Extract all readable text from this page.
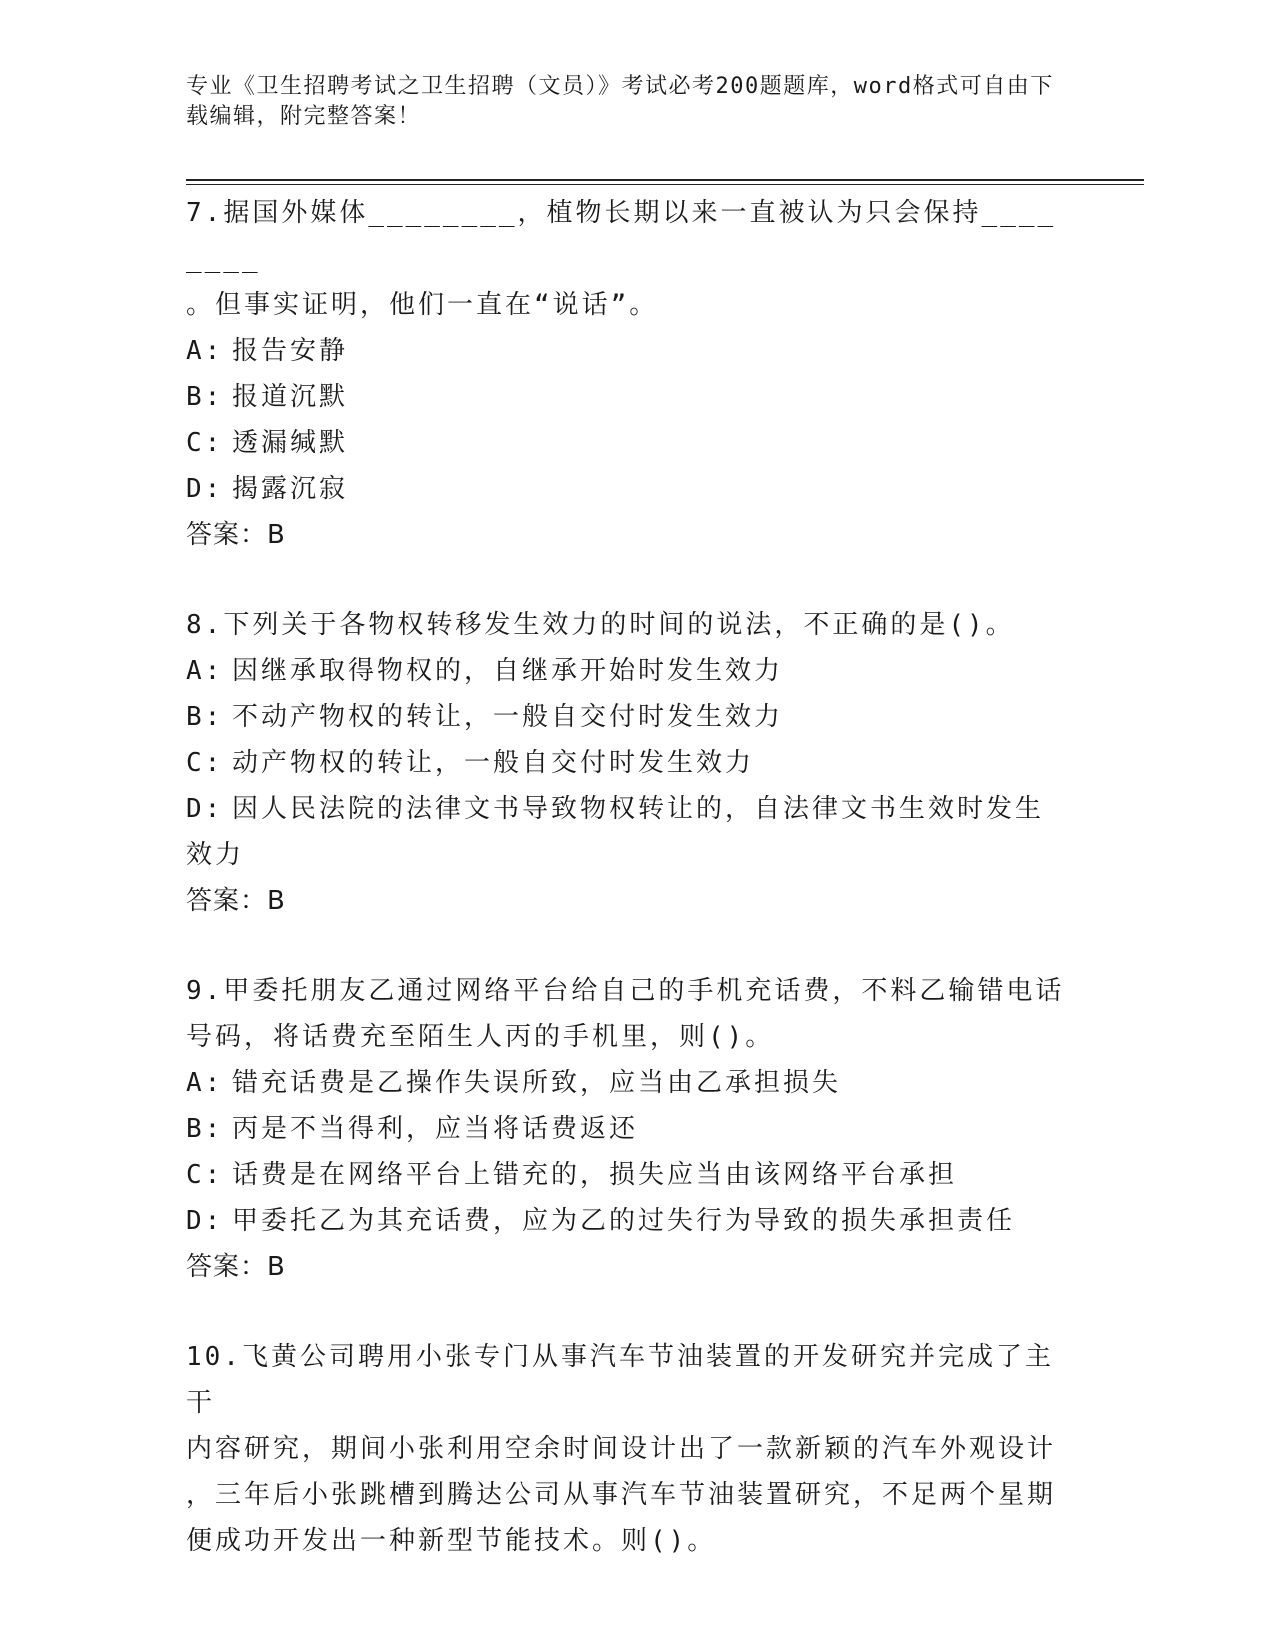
专业《卫生招聘考试之卫生招聘（文员）》考试必考200题题库，word格式可自由下载编辑，附完整答案！
7.据国外媒体________，植物长期以来一直被认为只会保持________
。但事实证明，他们一直在“说话”。
A: 报告安静
B: 报道沉默
C: 透漏缄默
D: 揭露沉寂
答案：B
8.下列关于各物权转移发生效力的时间的说法，不正确的是()。
A: 因继承取得物权的，自继承开始时发生效力
B: 不动产物权的转让，一般自交付时发生效力
C: 动产物权的转让，一般自交付时发生效力
D: 因人民法院的法律文书导致物权转让的，自法律文书生效时发生效力
答案：B
9.甲委托朋友乙通过网络平台给自己的手机充话费，不料乙输错电话
号码，将话费充至陌生人丙的手机里，则()。
A: 错充话费是乙操作失误所致，应当由乙承担损失
B: 丙是不当得利，应当将话费返还
C: 话费是在网络平台上错充的，损失应当由该网络平台承担
D: 甲委托乙为其充话费，应为乙的过失行为导致的损失承担责任
答案：B
10.飞黄公司聘用小张专门从事汽车节油装置的开发研究并完成了主干
内容研究，期间小张利用空余时间设计出了一款新颖的汽车外观设计
，三年后小张跳槽到腾达公司从事汽车节油装置研究，不足两个星期
便成功开发出一种新型节能技术。则()。
